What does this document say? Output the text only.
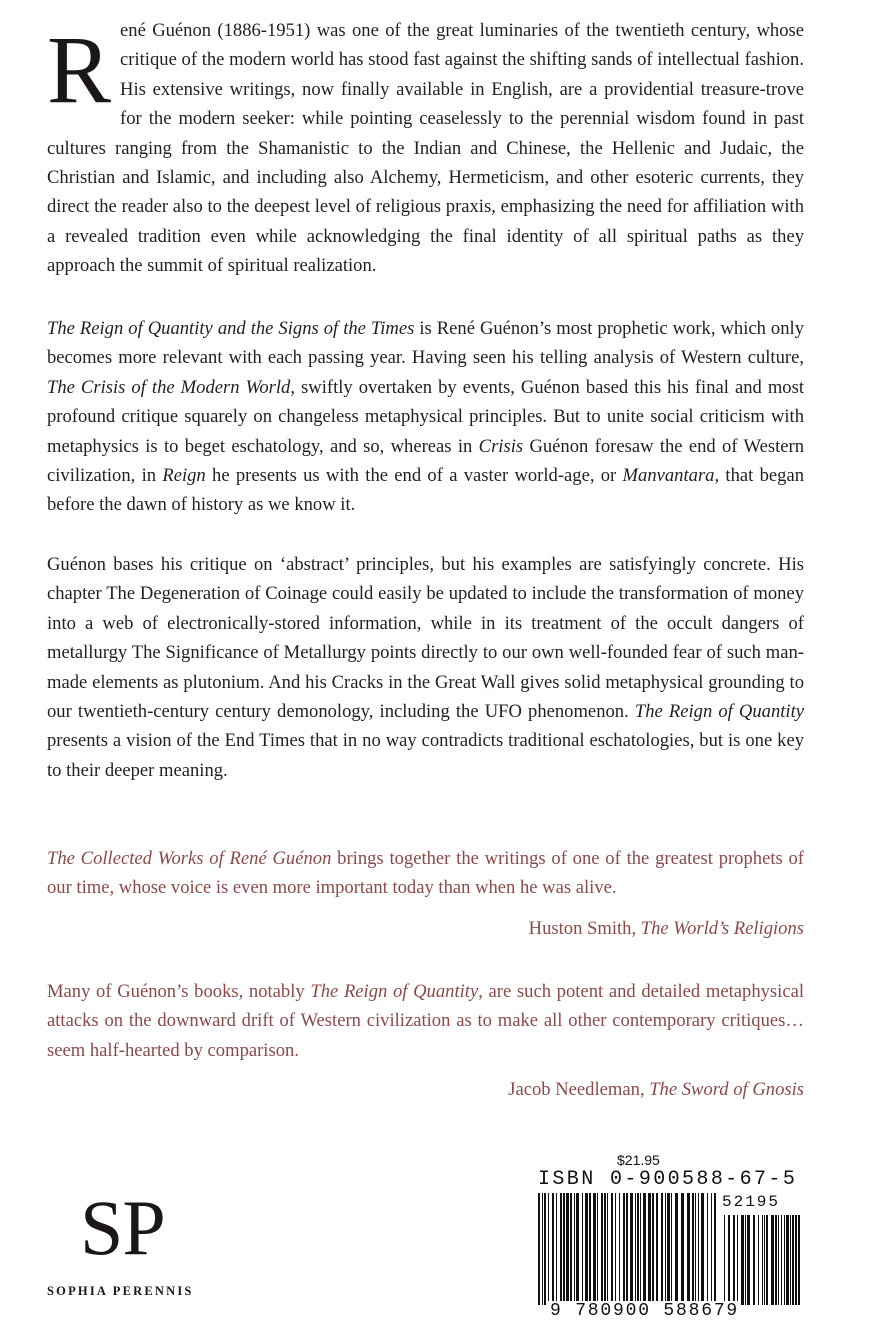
René Guénon (1886-1951) was one of the great luminaries of the twentieth century, whose critique of the modern world has stood fast against the shifting sands of intellectual fashion. His extensive writings, now finally available in English, are a providential treasure-trove for the modern seeker: while pointing ceaselessly to the perennial wisdom found in past cultures ranging from the Shamanistic to the Indian and Chinese, the Hellenic and Judaic, the Christian and Islamic, and including also Alchemy, Hermeticism, and other esoteric currents, they direct the reader also to the deepest level of religious praxis, emphasizing the need for affiliation with a revealed tradition even while acknowledging the final identity of all spiritual paths as they approach the summit of spiritual realization.
The Reign of Quantity and the Signs of the Times is René Guénon’s most prophetic work, which only becomes more relevant with each passing year. Having seen his telling analysis of Western culture, The Crisis of the Modern World, swiftly overtaken by events, Guénon based this his final and most profound critique squarely on changeless metaphysical principles. But to unite social criticism with metaphysics is to beget eschatology, and so, whereas in Crisis Guénon foresaw the end of Western civilization, in Reign he presents us with the end of a vaster world-age, or Manvantara, that began before the dawn of history as we know it.
Guénon bases his critique on ‘abstract’ principles, but his examples are satisfyingly concrete. His chapter The Degeneration of Coinage could easily be updated to include the transformation of money into a web of electronically-stored information, while in its treatment of the occult dangers of metallurgy The Significance of Metallurgy points directly to our own well-founded fear of such man-made elements as plutonium. And his Cracks in the Great Wall gives solid metaphysical grounding to our twentieth-century century demonology, including the UFO phenomenon. The Reign of Quantity presents a vision of the End Times that in no way contradicts traditional eschatologies, but is one key to their deeper meaning.
The Collected Works of René Guénon brings together the writings of one of the greatest prophets of our time, whose voice is even more important today than when he was alive.
Huston Smith, The World’s Religions
Many of Guénon’s books, notably The Reign of Quantity, are such potent and detailed metaphysical attacks on the downward drift of Western civilization as to make all other contemporary critiques… seem half-hearted by comparison.
Jacob Needleman, The Sword of Gnosis
SP
SOPHIA PERENNIS
$21.95
ISBN 0-900588-67-5
52195
9 780900 588679
